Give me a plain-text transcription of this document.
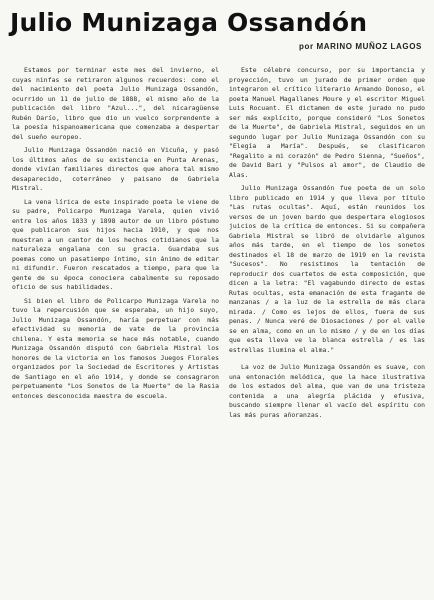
Julio Munizaga Ossandón
por MARINO MUÑOZ LAGOS

Estamos por terminar este mes del invierno, el cuyas ninfas se retiraron algunos recuerdos: como el del nacimiento del poeta Julio Munizaga Ossandón, ocurrido un 11 de julio de 1888, el mismo año de la publicación del libro "Azul...", del nicaragüense Rubén Darío, libro que dio un vuelco sorprendente a la poesía hispanoamericana que comenzaba a despertar del sueño europeo.

Julio Munizaga Ossandón nació en Vicuña, y pasó los últimos años de su existencia en Punta Arenas, donde vivían familiares directos que ahora tal mismo desaparecido, coterráneo y paisano de Gabriela Mistral.

La vena lírica de este inspirado poeta le viene de su padre, Policarpo Munizaga Varela, quien vivió entre los años 1833 y 1898 autor de un libro póstumo que publicaron sus hijos hacia 1910, y que nos muestran a un cantor de los hechos cotidianos que la naturaleza engalana con su gracia. Guardaba sus poemas como un pasatiempo íntimo, sin ánimo de editar ni difundir. Fueron rescatados a tiempo, para que la gente de su época conociera cabalmente su reposado oficio de sus habilidades.

Si bien el libro de Policarpo Munizaga Varela no tuvo la repercusión que se esperaba, un hijo suyo, Julio Munizaga Ossandón, haría perpetuar con más efectividad su memoria de vate de la provincia chilena. Y esta memoria se hace más notable, cuando Munizaga Ossandón disputó con Gabriela Mistral los honores de la victoria en los famosos Juegos Florales organizados por la Sociedad de Escritores y Artistas de Santiago en el año 1914, y donde se consagraron perpetuamente "Los Sonetos de la Muerte" de la Rasia entonces desconocida maestra de escuela.

Este célebre concurso, por su importancia y proyección, tuvo un jurado de primer orden que integraron el crítico literario Armando Donoso, el poeta Manuel Magallanes Moure y el escritor Miguel Luis Rocuant. El dictamen de este jurado no pudo ser más explícito, porque consideró "Los Sonetos de la Muerte", de Gabriela Mistral, seguidos en un segundo lugar por Julio Munizaga Ossandón con su "Elegía a María". Después, se clasificaron "Regalito a mi corazón" de Pedro Sienna, "Sueños", de David Bari y "Pulsos al amor", de Claudio de Alas.

Julio Munizaga Ossandón fue poeta de un solo libro publicado en 1914 y que lleva por título "Las rutas ocultas". Aquí, están reunidos los versos de un joven bardo que despertara elogiosos juicios de la crítica de entonces. Si su compañera Gabriela Mistral se libró de olvidarle algunos años más tarde, en el tiempo de los sonetos destinados el 18 de marzo de 1919 en la revista "Sucesos". No resistimos la tentación de reproducir dos cuartetos de esta composición, que dicen a la letra: "El vagabundo directo de estas Rutas ocultas, esta emanación de esta fragante de manzanas / a la luz de la estrella de más clara mirada. / Como es lejos de ellos, fuera de sus penas. / Nunca veré de Diosaciones / por el valle se en alma, como en un lo mismo / y de en los días que esta lleva ve la blanca estrella / es las estrellas ilumina el alma."

La voz de Julio Munizaga Ossandón es suave, con una entonación melódica, que la hace ilustrativa de los estados del alma, que van de una tristeza contenida a una alegría plácida y efusiva, buscando siempre llenar el vacío del espíritu con las más puras añoranzas.
